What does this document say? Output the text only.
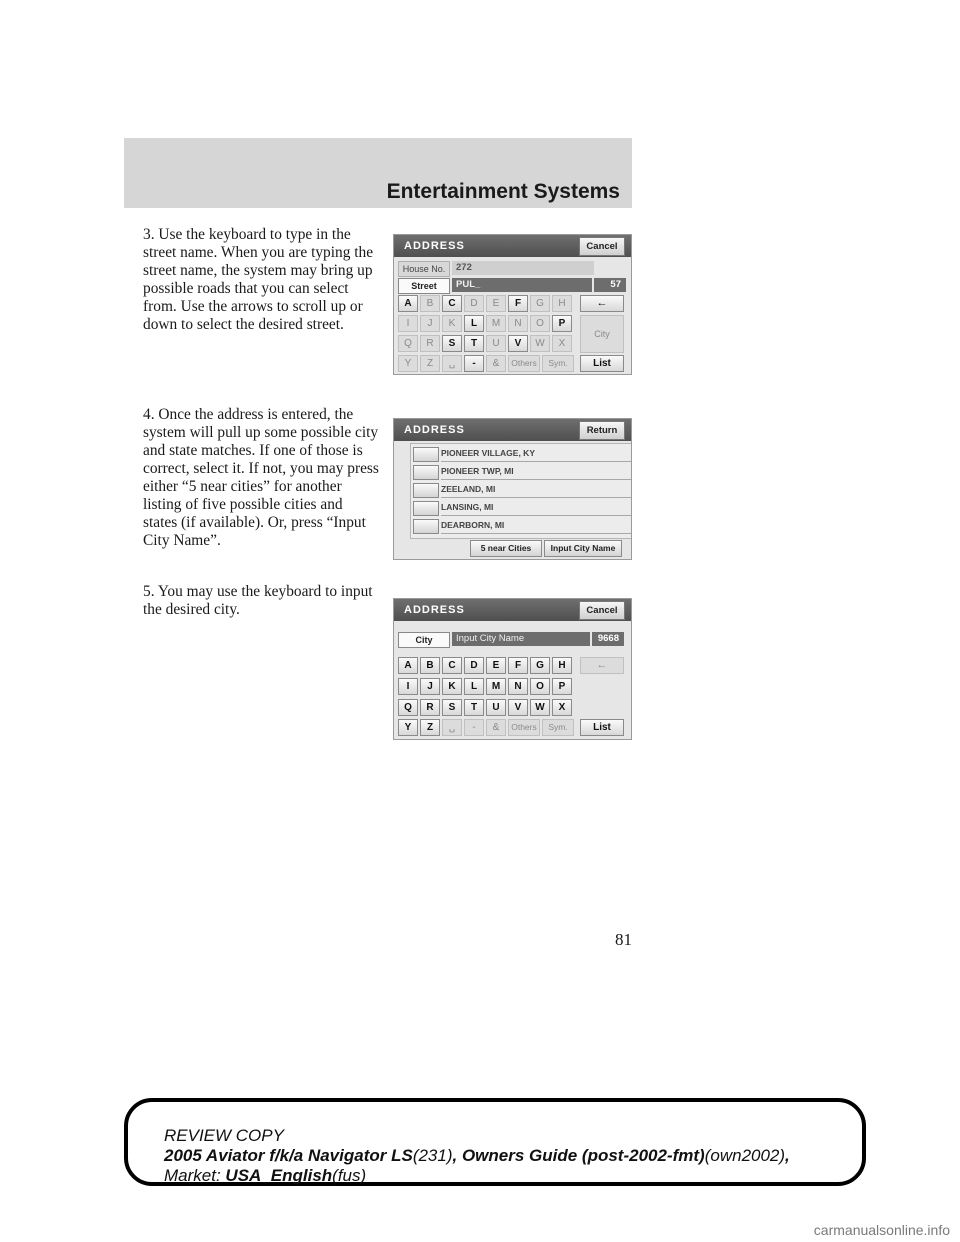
Entertainment Systems
3. Use the keyboard to type in the street name. When you are typing the street name, the system may bring up possible roads that you can select from. Use the arrows to scroll up or down to select the desired street.
4. Once the address is entered, the system will pull up some possible city and state matches. If one of those is correct, select it. If not, you may press either “5 near cities” for another listing of five possible cities and states (if available). Or, press “Input City Name”.
5. You may use the keyboard to input the desired city.
ADDRESS	Cancel
House No.	272
Street	PUL_	57
A	B	C	D	E	F	G	H	←
I	J	K	L	M	N	O	P
City
Q	R	S	T	U	V	W	X
Y	Z	␣	-	&	Others	Sym.	List
ADDRESS	Return
PIONEER VILLAGE, KY
PIONEER TWP, MI
ZEELAND, MI
LANSING, MI
DEARBORN, MI
5 near Cities	Input City Name
ADDRESS	Cancel
City	Input City Name	9668
A	B	C	D	E	F	G	H	←
I	J	K	L	M	N	O	P
Q	R	S	T	U	V	W	X
Y	Z	␣	-	&	Others	Sym.	List
81
REVIEW COPY
2005 Aviator f/k/a Navigator LS(231), Owners Guide (post-2002-fmt)(own2002),
Market: USA_English(fus)
carmanualsonline.info
